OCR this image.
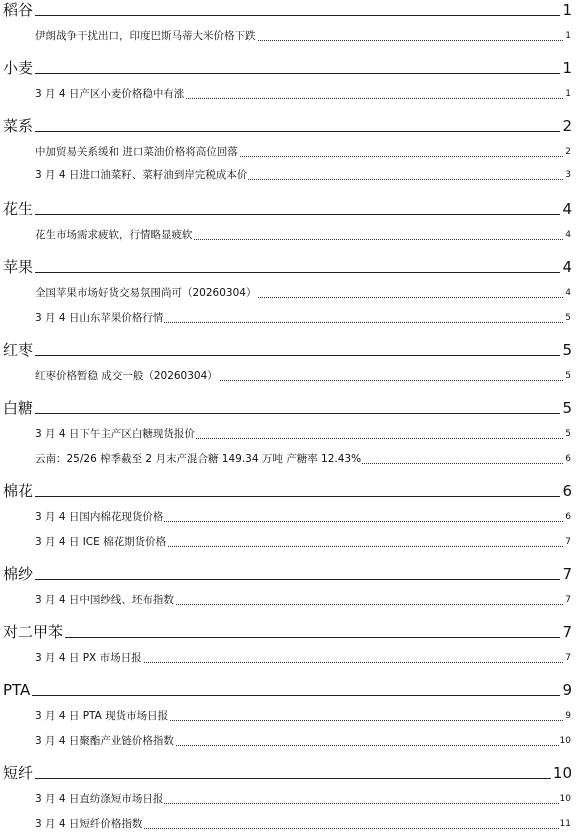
稻谷	1
伊朗战争干扰出口，印度巴斯马蒂大米价格下跌	1
小麦	1
3 月 4 日产区小麦价格稳中有涨	1
菜系	2
中加贸易关系缓和 进口菜油价格将高位回落	2
3 月 4 日进口油菜籽、菜籽油到岸完税成本价	3
花生	4
花生市场需求疲软，行情略显疲软	4
苹果	4
全国苹果市场好货交易氛围尚可（20260304）	4
3 月 4 日山东苹果价格行情	5
红枣	5
红枣价格暂稳 成交一般（20260304）	5
白糖	5
3 月 4 日下午主产区白糖现货报价	5
云南：25/26 榨季截至 2 月末产混合糖 149.34 万吨 产糖率 12.43%	6
棉花	6
3 月 4 日国内棉花现货价格	6
3 月 4 日 ICE 棉花期货价格	7
棉纱	7
3 月 4 日中国纱线、坯布指数	7
对二甲苯	7
3 月 4 日 PX 市场日报	7
PTA	9
3 月 4 日 PTA 现货市场日报	9
3 月 4 日聚酯产业链价格指数	10
短纤	10
3 月 4 日直纺涤短市场日报	10
3 月 4 日短纤价格指数	11
